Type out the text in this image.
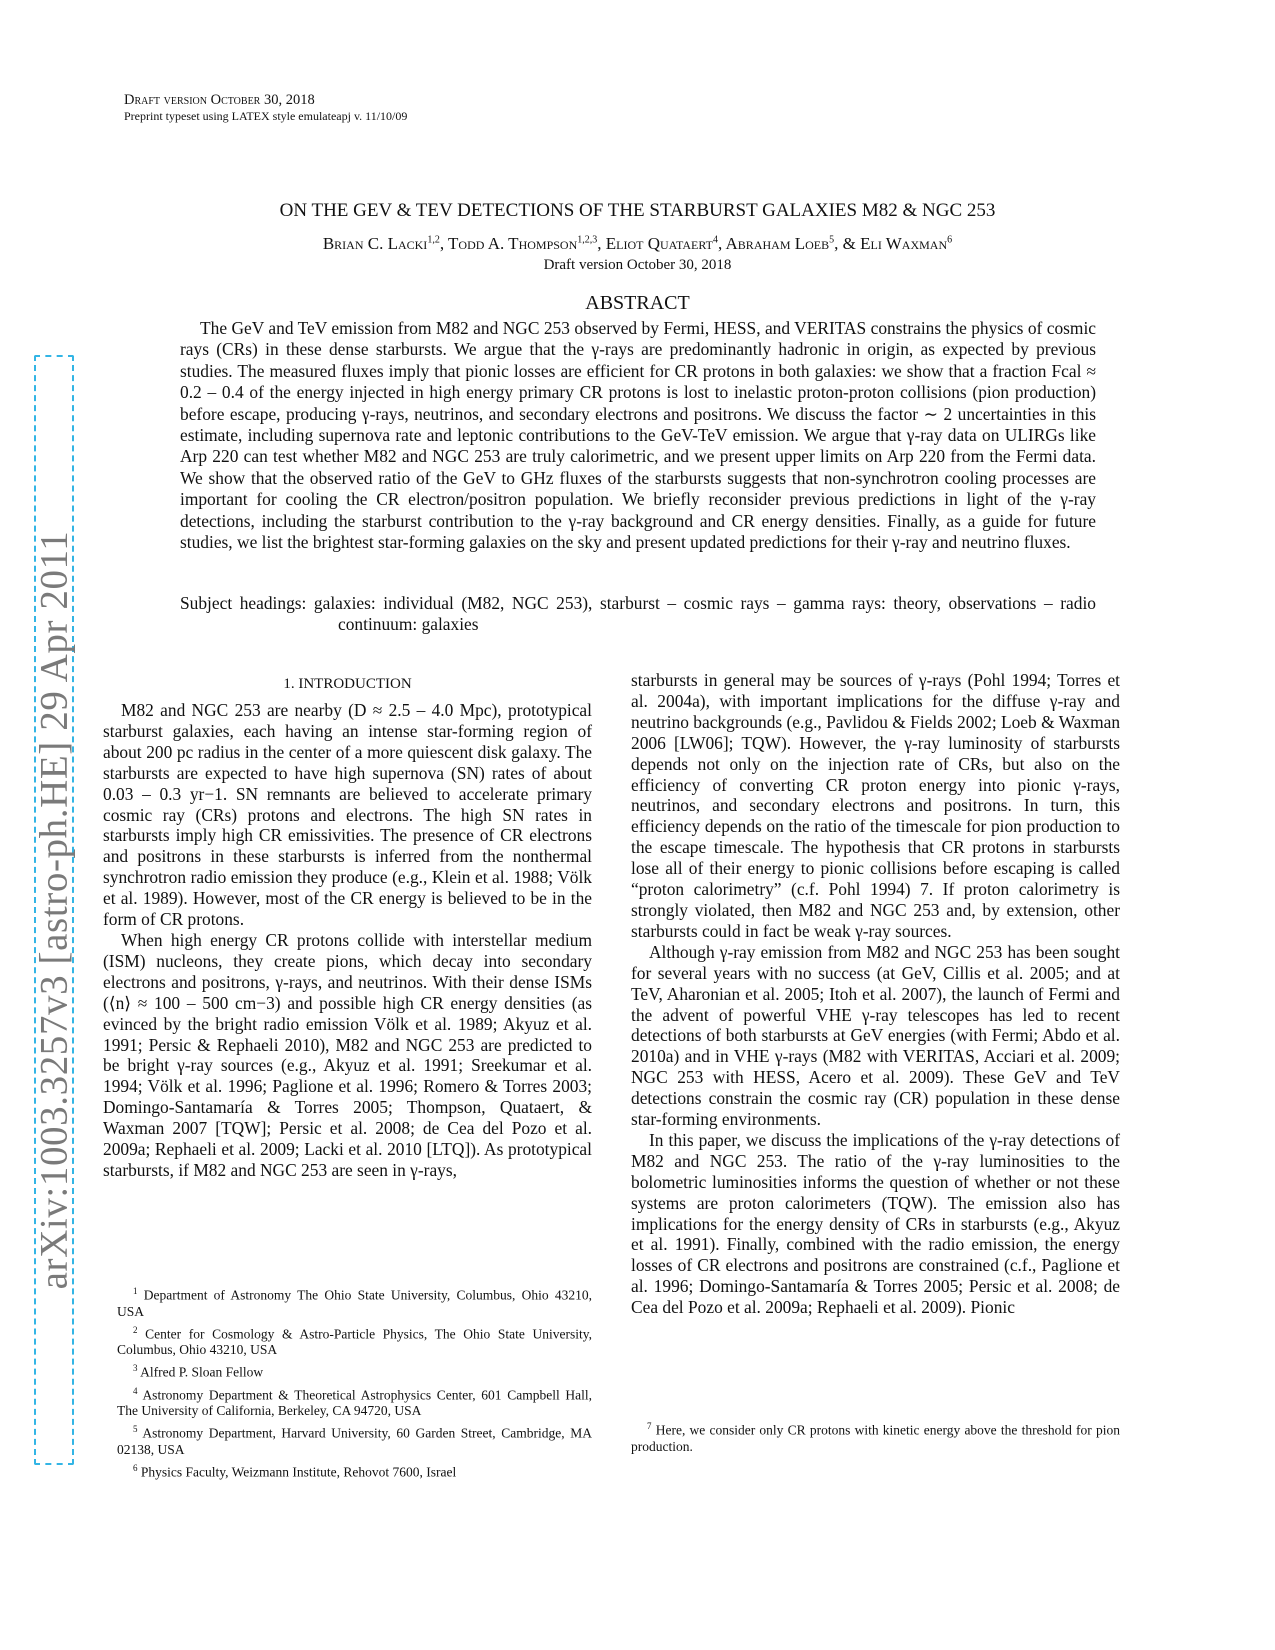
arXiv:1003.3257v3 [astro-ph.HE] 29 Apr 2011
Draft version October 30, 2018
Preprint typeset using LATEX style emulateapj v. 11/10/09
ON THE GEV & TEV DETECTIONS OF THE STARBURST GALAXIES M82 & NGC 253
Brian C. Lacki$^{1,2}$, Todd A. Thompson$^{1,2,3}$, Eliot Quataert$^4$, Abraham Loeb$^5$, & Eli Waxman$^6$
Draft version October 30, 2018
ABSTRACT
The GeV and TeV emission from M82 and NGC 253 observed by Fermi, HESS, and VERITAS constrains the physics of cosmic rays (CRs) in these dense starbursts. We argue that the γ-rays are predominantly hadronic in origin, as expected by previous studies. The measured fluxes imply that pionic losses are efficient for CR protons in both galaxies: we show that a fraction Fcal ≈ 0.2 – 0.4 of the energy injected in high energy primary CR protons is lost to inelastic proton-proton collisions (pion production) before escape, producing γ-rays, neutrinos, and secondary electrons and positrons. We discuss the factor ∼ 2 uncertainties in this estimate, including supernova rate and leptonic contributions to the GeV-TeV emission. We argue that γ-ray data on ULIRGs like Arp 220 can test whether M82 and NGC 253 are truly calorimetric, and we present upper limits on Arp 220 from the Fermi data. We show that the observed ratio of the GeV to GHz fluxes of the starbursts suggests that non-synchrotron cooling processes are important for cooling the CR electron/positron population. We briefly reconsider previous predictions in light of the γ-ray detections, including the starburst contribution to the γ-ray background and CR energy densities. Finally, as a guide for future studies, we list the brightest star-forming galaxies on the sky and present updated predictions for their γ-ray and neutrino fluxes.
Subject headings: galaxies: individual (M82, NGC 253), starburst – cosmic rays – gamma rays: theory, observations – radio continuum: galaxies
1. INTRODUCTION

M82 and NGC 253 are nearby (D ≈ 2.5 – 4.0 Mpc), prototypical starburst galaxies, each having an intense star-forming region of about 200 pc radius in the center of a more quiescent disk galaxy. The starbursts are expected to have high supernova (SN) rates of about 0.03 – 0.3 yr−1. SN remnants are believed to accelerate primary cosmic ray (CRs) protons and electrons. The high SN rates in starbursts imply high CR emissivities. The presence of CR electrons and positrons in these starbursts is inferred from the nonthermal synchrotron radio emission they produce (e.g., Klein et al. 1988; Völk et al. 1989). However, most of the CR energy is believed to be in the form of CR protons.

When high energy CR protons collide with interstellar medium (ISM) nucleons, they create pions, which decay into secondary electrons and positrons, γ-rays, and neutrinos. With their dense ISMs (⟨n⟩ ≈ 100 – 500 cm−3) and possible high CR energy densities (as evinced by the bright radio emission Völk et al. 1989; Akyuz et al. 1991; Persic & Rephaeli 2010), M82 and NGC 253 are predicted to be bright γ-ray sources (e.g., Akyuz et al. 1991; Sreekumar et al. 1994; Völk et al. 1996; Paglione et al. 1996; Romero & Torres 2003; Domingo-Santamaría & Torres 2005; Thompson, Quataert, & Waxman 2007 [TQW]; Persic et al. 2008; de Cea del Pozo et al. 2009a; Rephaeli et al. 2009; Lacki et al. 2010 [LTQ]). As prototypical starbursts, if M82 and NGC 253 are seen in γ-rays,

starbursts in general may be sources of γ-rays (Pohl 1994; Torres et al. 2004a), with important implications for the diffuse γ-ray and neutrino backgrounds (e.g., Pavlidou & Fields 2002; Loeb & Waxman 2006 [LW06]; TQW). However, the γ-ray luminosity of starbursts depends not only on the injection rate of CRs, but also on the efficiency of converting CR proton energy into pionic γ-rays, neutrinos, and secondary electrons and positrons. In turn, this efficiency depends on the ratio of the timescale for pion production to the escape timescale. The hypothesis that CR protons in starbursts lose all of their energy to pionic collisions before escaping is called “proton calorimetry” (c.f. Pohl 1994) 7. If proton calorimetry is strongly violated, then M82 and NGC 253 and, by extension, other starbursts could in fact be weak γ-ray sources.

Although γ-ray emission from M82 and NGC 253 has been sought for several years with no success (at GeV, Cillis et al. 2005; and at TeV, Aharonian et al. 2005; Itoh et al. 2007), the launch of Fermi and the advent of powerful VHE γ-ray telescopes has led to recent detections of both starbursts at GeV energies (with Fermi; Abdo et al. 2010a) and in VHE γ-rays (M82 with VERITAS, Acciari et al. 2009; NGC 253 with HESS, Acero et al. 2009). These GeV and TeV detections constrain the cosmic ray (CR) population in these dense star-forming environments.

In this paper, we discuss the implications of the γ-ray detections of M82 and NGC 253. The ratio of the γ-ray luminosities to the bolometric luminosities informs the question of whether or not these systems are proton calorimeters (TQW). The emission also has implications for the energy density of CRs in starbursts (e.g., Akyuz et al. 1991). Finally, combined with the radio emission, the energy losses of CR electrons and positrons are constrained (c.f., Paglione et al. 1996; Domingo-Santamaría & Torres 2005; Persic et al. 2008; de Cea del Pozo et al. 2009a; Rephaeli et al. 2009). Pionic

$^1$ Department of Astronomy The Ohio State University, Columbus, Ohio 43210, USA

$^2$ Center for Cosmology & Astro-Particle Physics, The Ohio State University, Columbus, Ohio 43210, USA

$^3$ Alfred P. Sloan Fellow

$^4$ Astronomy Department & Theoretical Astrophysics Center, 601 Campbell Hall, The University of California, Berkeley, CA 94720, USA

$^5$ Astronomy Department, Harvard University, 60 Garden Street, Cambridge, MA 02138, USA

$^6$ Physics Faculty, Weizmann Institute, Rehovot 7600, Israel

$^7$ Here, we consider only CR protons with kinetic energy above the threshold for pion production.
